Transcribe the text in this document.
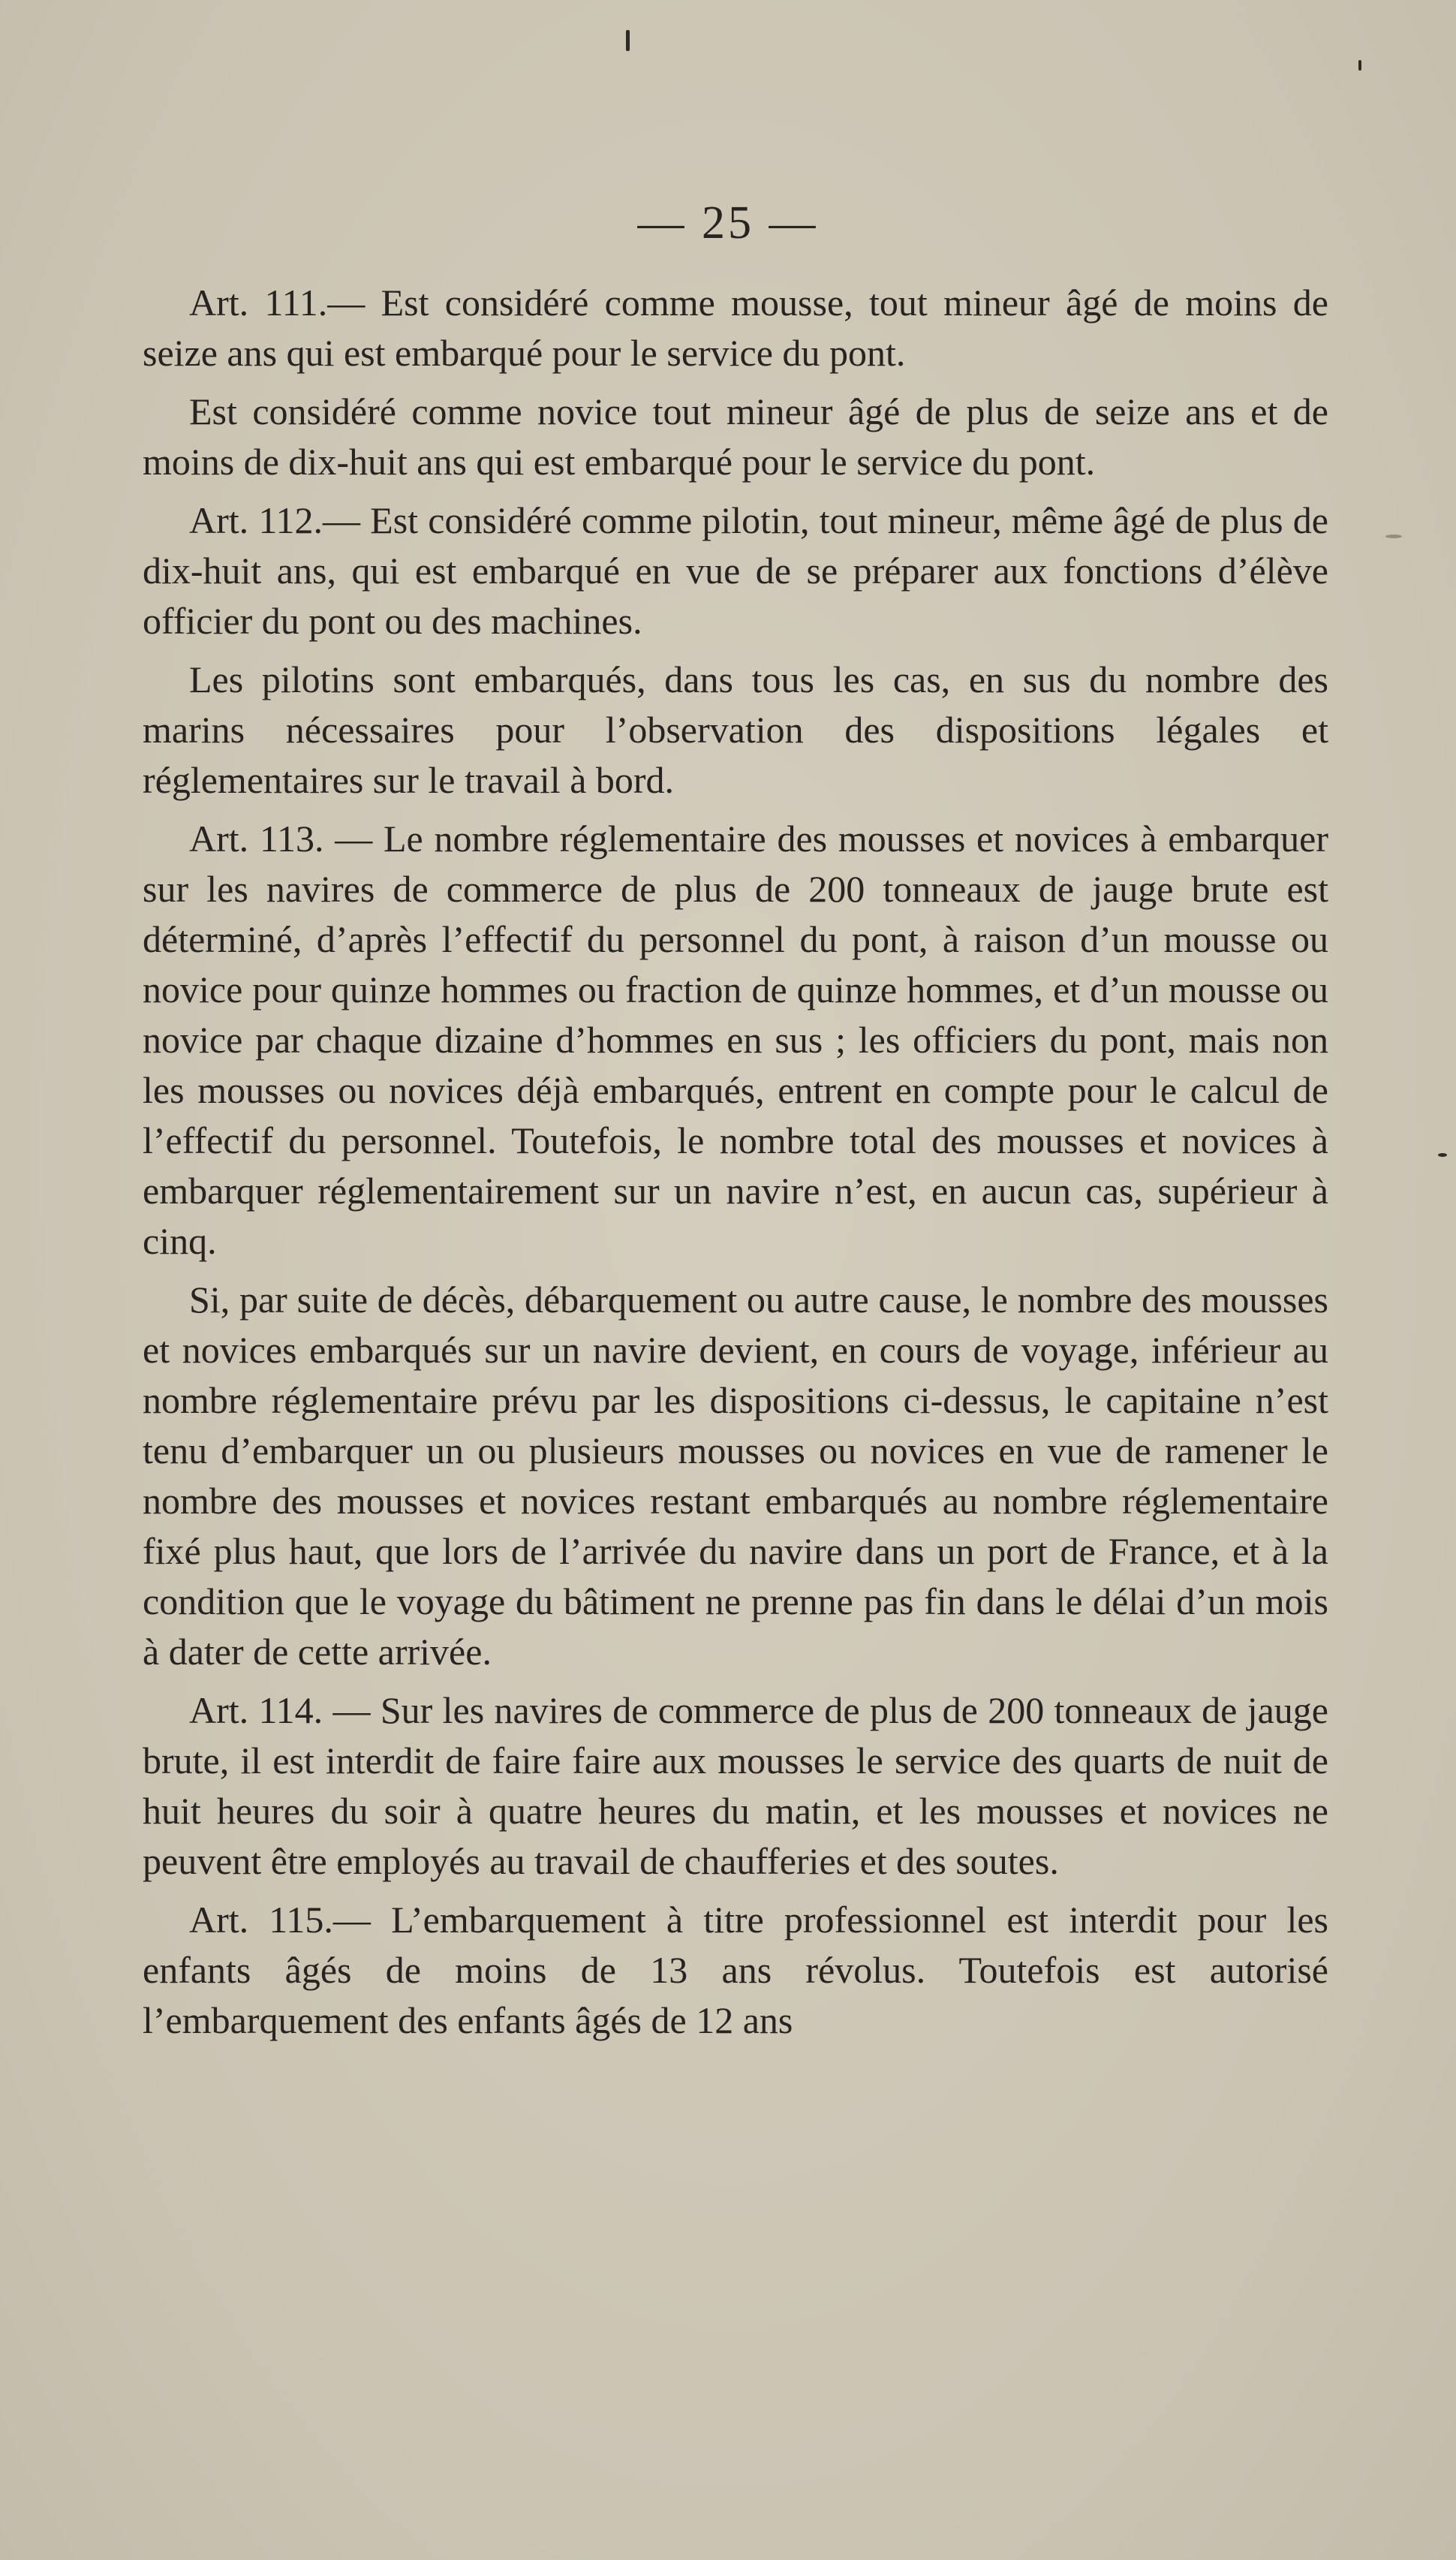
— 25 —

Art. 111.— Est considéré comme mousse, tout mineur âgé de moins de seize ans qui est embarqué pour le service du pont.

Est considéré comme novice tout mineur âgé de plus de seize ans et de moins de dix-huit ans qui est embarqué pour le service du pont.

Art. 112.— Est considéré comme pilotin, tout mineur, même âgé de plus de dix-huit ans, qui est embarqué en vue de se préparer aux fonctions d’élève officier du pont ou des machines.

Les pilotins sont embarqués, dans tous les cas, en sus du nombre des marins nécessaires pour l’observation des dispositions légales et réglementaires sur le travail à bord.

Art. 113. — Le nombre réglementaire des mousses et novices à embarquer sur les navires de commerce de plus de 200 tonneaux de jauge brute est déterminé, d’après l’effectif du personnel du pont, à raison d’un mousse ou novice pour quinze hommes ou fraction de quinze hommes, et d’un mousse ou novice par chaque dizaine d’hommes en sus ; les officiers du pont, mais non les mousses ou novices déjà embarqués, entrent en compte pour le calcul de l’effectif du personnel. Toutefois, le nombre total des mousses et novices à embarquer réglementairement sur un navire n’est, en aucun cas, supérieur à cinq.

Si, par suite de décès, débarquement ou autre cause, le nombre des mousses et novices embarqués sur un navire devient, en cours de voyage, inférieur au nombre réglementaire prévu par les dispositions ci-dessus, le capitaine n’est tenu d’embarquer un ou plusieurs mousses ou novices en vue de ramener le nombre des mousses et novices restant embarqués au nombre réglementaire fixé plus haut, que lors de l’arrivée du navire dans un port de France, et à la condition que le voyage du bâtiment ne prenne pas fin dans le délai d’un mois à dater de cette arrivée.

Art. 114. — Sur les navires de commerce de plus de 200 tonneaux de jauge brute, il est interdit de faire faire aux mousses le service des quarts de nuit de huit heures du soir à quatre heures du matin, et les mousses et novices ne peuvent être employés au travail de chaufferies et des soutes.

Art. 115.— L’embarquement à titre professionnel est interdit pour les enfants âgés de moins de 13 ans révolus. Toutefois est autorisé l’embarquement des enfants âgés de 12 ans
